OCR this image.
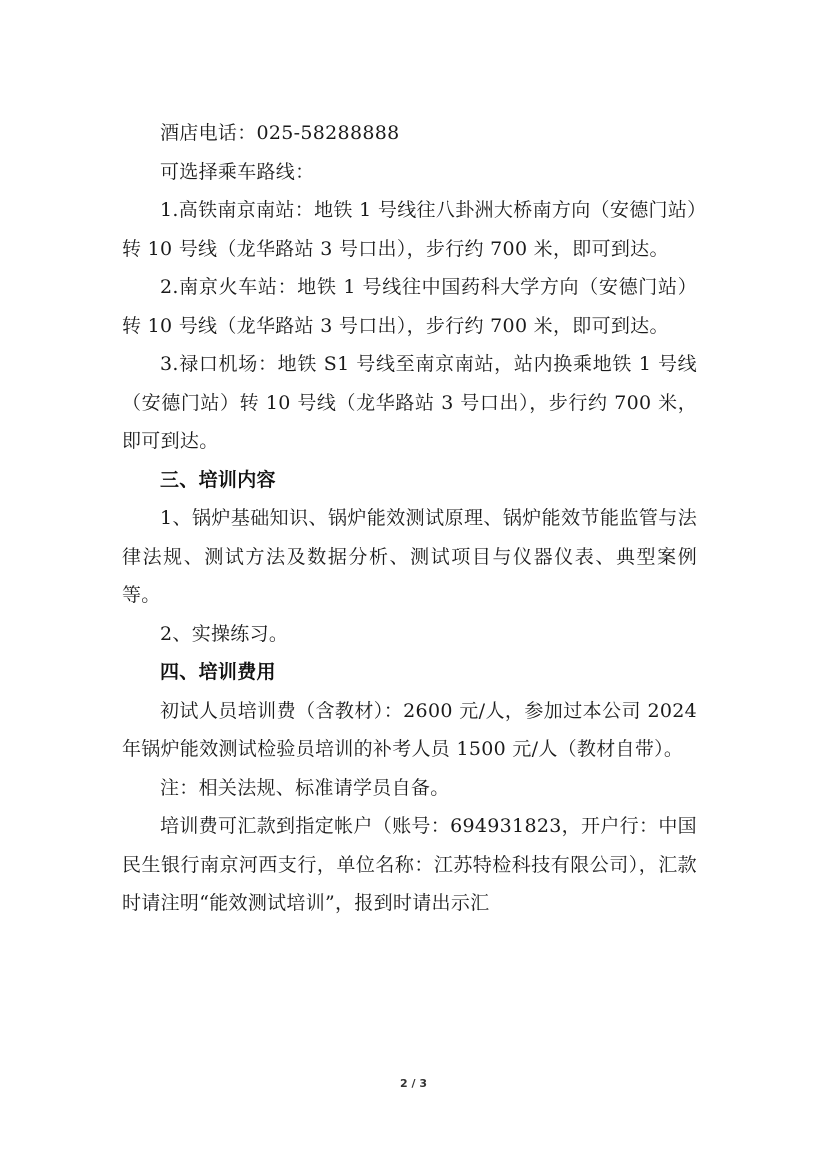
酒店电话：025-58288888

可选择乘车路线：

1.高铁南京南站：地铁 1 号线往八卦洲大桥南方向（安德门站）转 10 号线（龙华路站 3 号口出），步行约 700 米，即可到达。

2.南京火车站：地铁 1 号线往中国药科大学方向（安德门站）转 10 号线（龙华路站 3 号口出），步行约 700 米，即可到达。

3.禄口机场：地铁 S1 号线至南京南站，站内换乘地铁 1 号线（安德门站）转 10 号线（龙华路站 3 号口出），步行约 700 米，即可到达。

三、培训内容

1、锅炉基础知识、锅炉能效测试原理、锅炉能效节能监管与法律法规、测试方法及数据分析、测试项目与仪器仪表、典型案例等。

2、实操练习。

四、培训费用

初试人员培训费（含教材）：2600 元/人，参加过本公司 2024 年锅炉能效测试检验员培训的补考人员 1500 元/人（教材自带）。

注：相关法规、标准请学员自备。

培训费可汇款到指定帐户（账号：694931823，开户行：中国民生银行南京河西支行，单位名称：江苏特检科技有限公司），汇款时请注明“能效测试培训”，报到时请出示汇

2 / 3
